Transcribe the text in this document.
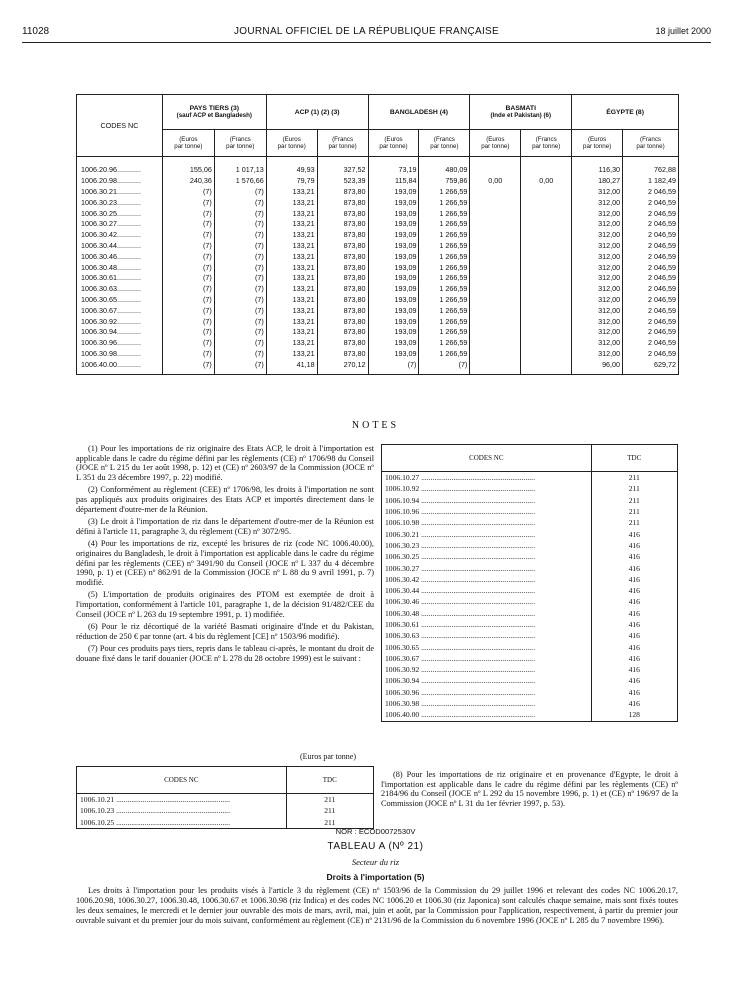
11028	JOURNAL OFFICIEL DE LA RÉPUBLIQUE FRANÇAISE	18 juillet 2000
CODES NC	PAYS TIERS (3)
(sauf ACP et Bangladesh)		ACP (1) (2) (3)		BANGLADESH (4)		BASMATI
(Inde et Pakistan) (6)		ÉGYPTE (8)	
	(Euros
par tonne)	(Francs
par tonne)	(Euros
par tonne)	(Francs
par tonne)	(Euros
par tonne)	(Francs
par tonne)	(Euros
par tonne)	(Francs
par tonne)	(Euros
par tonne)	(Francs
par tonne)
1006.20.96............	155,06	1 017,13	49,93	327,52	73,19	480,09			116,30	762,88
1006.20.98............	240,36	1 576,66	79,79	523,39	115,84	759,86	0,00	0,00	180,27	1 182,49
1006.30.21............	(7)	(7)	133,21	873,80	193,09	1 266,59			312,00	2 046,59
1006.30.23............	(7)	(7)	133,21	873,80	193,09	1 266,59			312,00	2 046,59
1006.30.25............	(7)	(7)	133,21	873,80	193,09	1 266,59			312,00	2 046,59
1006.30.27............	(7)	(7)	133,21	873,80	193,09	1 266,59			312,00	2 046,59
1006.30.42............	(7)	(7)	133,21	873,80	193,09	1 266,59			312,00	2 046,59
1006.30.44............	(7)	(7)	133,21	873,80	193,09	1 266,59			312,00	2 046,59
1006.30.46............	(7)	(7)	133,21	873,80	193,09	1 266,59			312,00	2 046,59
1006.30.48............	(7)	(7)	133,21	873,80	193,09	1 266,59			312,00	2 046,59
1006.30.61............	(7)	(7)	133,21	873,80	193,09	1 266,59			312,00	2 046,59
1006.30.63............	(7)	(7)	133,21	873,80	193,09	1 266,59			312,00	2 046,59
1006.30.65............	(7)	(7)	133,21	873,80	193,09	1 266,59			312,00	2 046,59
1006.30.67............	(7)	(7)	133,21	873,80	193,09	1 266,59			312,00	2 046,59
1006.30.92............	(7)	(7)	133,21	873,80	193,09	1 266,59			312,00	2 046,59
1006.30.94............	(7)	(7)	133,21	873,80	193,09	1 266,59			312,00	2 046,59
1006.30.96............	(7)	(7)	133,21	873,80	193,09	1 266,59			312,00	2 046,59
1006.30.98............	(7)	(7)	133,21	873,80	193,09	1 266,59			312,00	2 046,59
1006.40.00............	(7)	(7)	41,18	270,12	(7)	(7)			96,00	629,72
NOTES

(1) Pour les importations de riz originaire des Etats ACP, le droit à l'importation est applicable dans le cadre du régime défini par les règlements (CE) nº 1706/98 du Conseil (JOCE nº L 215 du 1er août 1998, p. 12) et (CE) nº 2603/97 de la Commission (JOCE nº L 351 du 23 décembre 1997, p. 22) modifié.

(2) Conformément au règlement (CEE) nº 1706/98, les droits à l'importation ne sont pas appliqués aux produits originaires des Etats ACP et importés directement dans le département d'outre-mer de la Réunion.

(3) Le droit à l'importation de riz dans le département d'outre-mer de la Réunion est défini à l'article 11, paragraphe 3, du règlement (CE) nº 3072/95.

(4) Pour les importations de riz, excepté les brisures de riz (code NC 1006.40.00), originaires du Bangladesh, le droit à l'importation est applicable dans le cadre du régime défini par les règlements (CEE) nº 3491/90 du Conseil (JOCE nº L 337 du 4 décembre 1990, p. 1) et (CEE) nº 862/91 de la Commission (JOCE nº L 88 du 9 avril 1991, p. 7) modifié.

(5) L'importation de produits originaires des PTOM est exemptée de droit à l'importation, conformément à l'article 101, paragraphe 1, de la décision 91/482/CEE du Conseil (JOCE nº L 263 du 19 septembre 1991, p. 1) modifiée.

(6) Pour le riz décortiqué de la variété Basmati originaire d'Inde et du Pakistan, réduction de 250 € par tonne (art. 4 bis du règlement [CE] nº 1503/96 modifié).

(7) Pour ces produits pays tiers, repris dans le tableau ci-après, le montant du droit de douane fixé dans le tarif douanier (JOCE nº L 278 du 28 octobre 1999) est le suivant :

(Euros par tonne)
CODES NC	TDC
1006.10.21 ............................................................	211
1006.10.23 ............................................................	211
1006.10.25 ............................................................	211
CODES NC	TDC
1006.10.27 ............................................................	211
1006.10.92 ............................................................	211
1006.10.94 ............................................................	211
1006.10.96 ............................................................	211
1006.10.98 ............................................................	211
1006.30.21 ............................................................	416
1006.30.23 ............................................................	416
1006.30.25 ............................................................	416
1006.30.27 ............................................................	416
1006.30.42 ............................................................	416
1006.30.44 ............................................................	416
1006.30.46 ............................................................	416
1006.30.48 ............................................................	416
1006.30.61 ............................................................	416
1006.30.63 ............................................................	416
1006.30.65 ............................................................	416
1006.30.67 ............................................................	416
1006.30.92 ............................................................	416
1006.30.94 ............................................................	416
1006.30.96 ............................................................	416
1006.30.98 ............................................................	416
1006.40.00 ............................................................	128

(8) Pour les importations de riz originaire et en provenance d'Egypte, le droit à l'importation est applicable dans le cadre du régime défini par les règlements (CE) nº 2184/96 du Conseil (JOCE nº L 292 du 15 novembre 1996, p. 1) et (CE) nº 196/97 de la Commission (JOCE nº L 31 du 1er février 1997, p. 53).

NOR : ECOD0072530V
TABLEAU A (Nº 21)
Secteur du riz
Droits à l'importation (5)
Les droits à l'importation pour les produits visés à l'article 3 du règlement (CE) nº 1503/96 de la Commission du 29 juillet 1996 et relevant des codes NC 1006.20.17, 1006.20.98, 1006.30.27, 1006.30.48, 1006.30.67 et 1006.30.98 (riz Indica) et des codes NC 1006.20 et 1006.30 (riz Japonica) sont calculés chaque semaine, mais sont fixés toutes les deux semaines, le mercredi et le dernier jour ouvrable des mois de mars, avril, mai, juin et août, par la Commission pour l'application, respectivement, à partir du premier jour ouvrable suivant et du premier jour du mois suivant, conformément au règlement (CE) nº 2131/96 de la Commission du 6 novembre 1996 (JOCE nº L 285 du 7 novembre 1996).
